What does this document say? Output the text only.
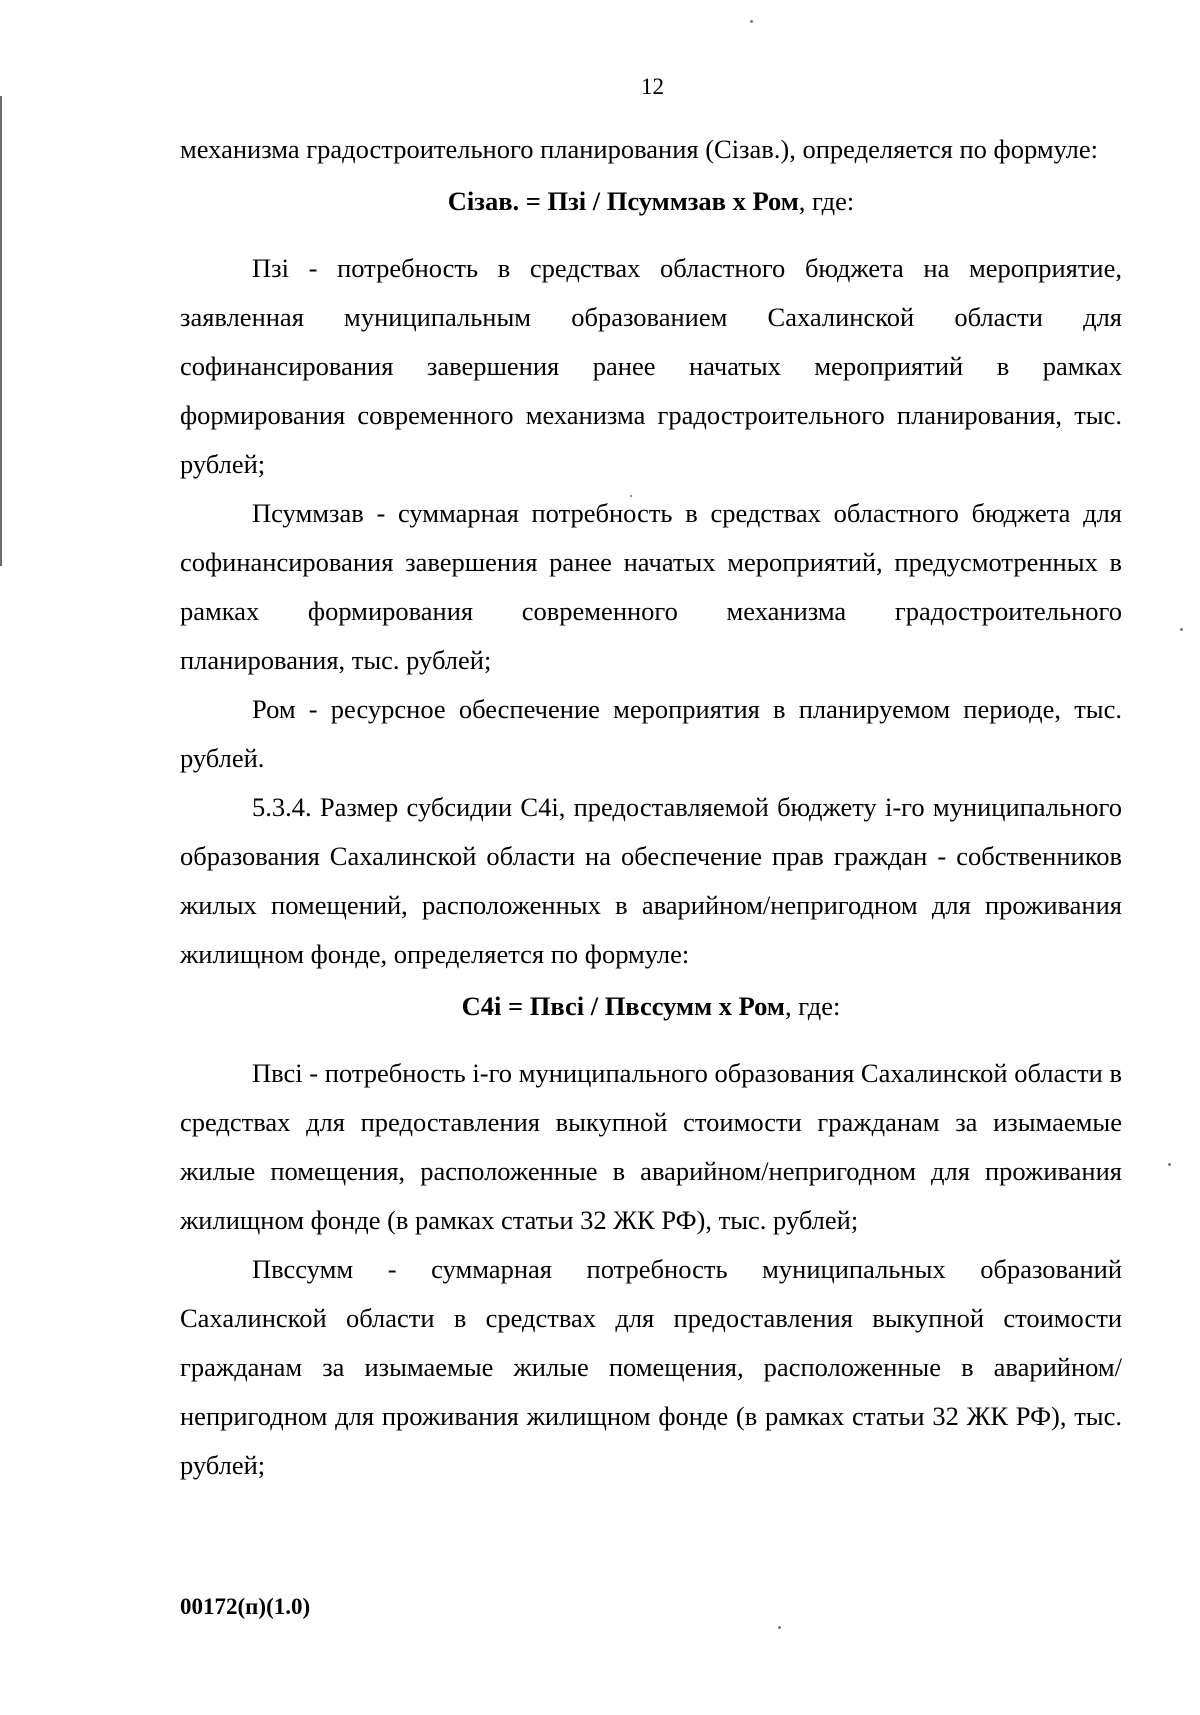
12

механизма градостроительного планирования (Сізав.), определяется по формуле:

Сізав. = Пзі / Псуммзав х Ром, где:

Пзі - потребность в средствах областного бюджета на мероприятие, заявленная муниципальным образованием Сахалинской области для софинансирования завершения ранее начатых мероприятий в рамках формирования современного механизма градостроительного планирования, тыс. рублей;

Псуммзав - суммарная потребность в средствах областного бюджета для софинансирования завершения ранее начатых мероприятий, предусмотренных в рамках формирования современного механизма градостроительного планирования, тыс. рублей;

Ром - ресурсное обеспечение мероприятия в планируемом периоде, тыс. рублей.

5.3.4. Размер субсидии С4і, предоставляемой бюджету і-го муниципального образования Сахалинской области на обеспечение прав граждан - собственников жилых помещений, расположенных в аварийном/непригодном для проживания жилищном фонде, определяется по формуле:

С4і = Пвсі / Пвссумм х Ром, где:

Пвсі - потребность і-го муниципального образования Сахалинской области в средствах для предоставления выкупной стоимости гражданам за изымаемые жилые помещения, расположенные в аварийном/непригодном для проживания жилищном фонде (в рамках статьи 32 ЖК РФ), тыс. рублей;

Пвссумм - суммарная потребность муниципальных образований Сахалинской области в средствах для предоставления выкупной стоимости гражданам за изымаемые жилые помещения, расположенные в аварийном/непригодном для проживания жилищном фонде (в рамках статьи 32 ЖК РФ), тыс. рублей;

00172(п)(1.0)
